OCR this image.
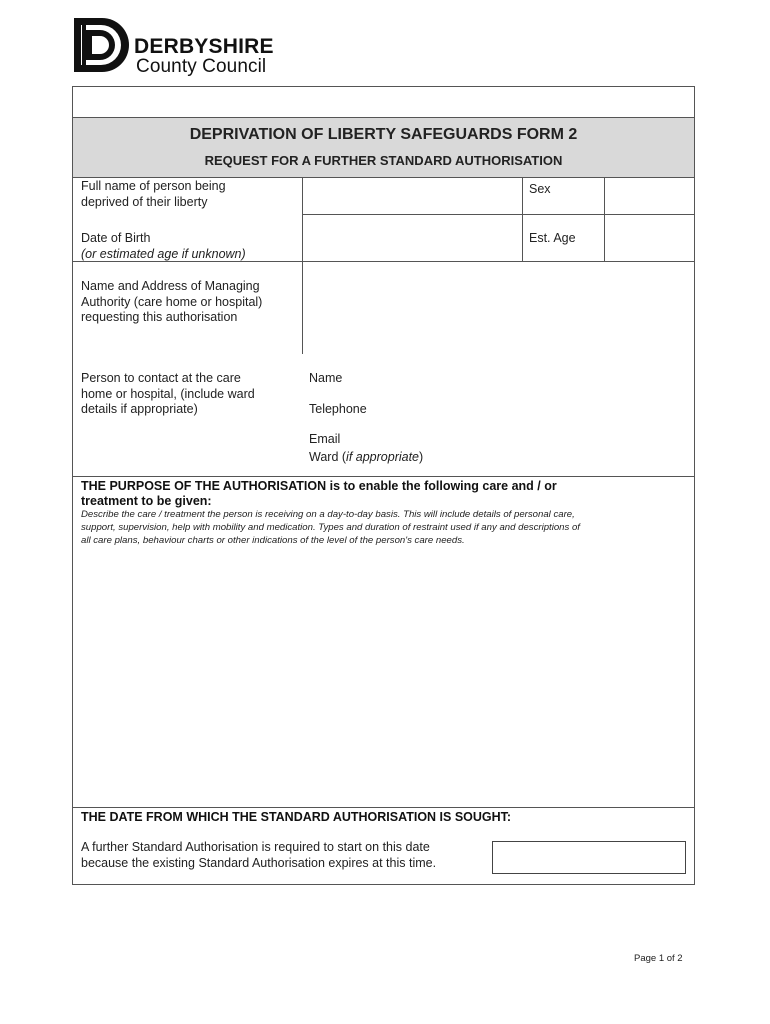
DERBYSHIRE
County Council
DEPRIVATION OF LIBERTY SAFEGUARDS FORM 2
REQUEST FOR A FURTHER STANDARD AUTHORISATION
Full name of person being
deprived of their liberty
Sex
Date of Birth
(or estimated age if unknown)
Est. Age
Name and Address of Managing
Authority (care home or hospital)
requesting this authorisation
Person to contact at the care
home or hospital, (include ward
details if appropriate)
Name
Telephone
Email
Ward (if appropriate)
THE PURPOSE OF THE AUTHORISATION is to enable the following care and / or
treatment to be given:
Describe the care / treatment the person is receiving on a day-to-day basis. This will include details of personal care,
support, supervision, help with mobility and medication. Types and duration of restraint used if any and descriptions of
all care plans, behaviour charts or other indications of the level of the person's care needs.
THE DATE FROM WHICH THE STANDARD AUTHORISATION IS SOUGHT:
A further Standard Authorisation is required to start on this date
because the existing Standard Authorisation expires at this time.
Page 1 of 2
